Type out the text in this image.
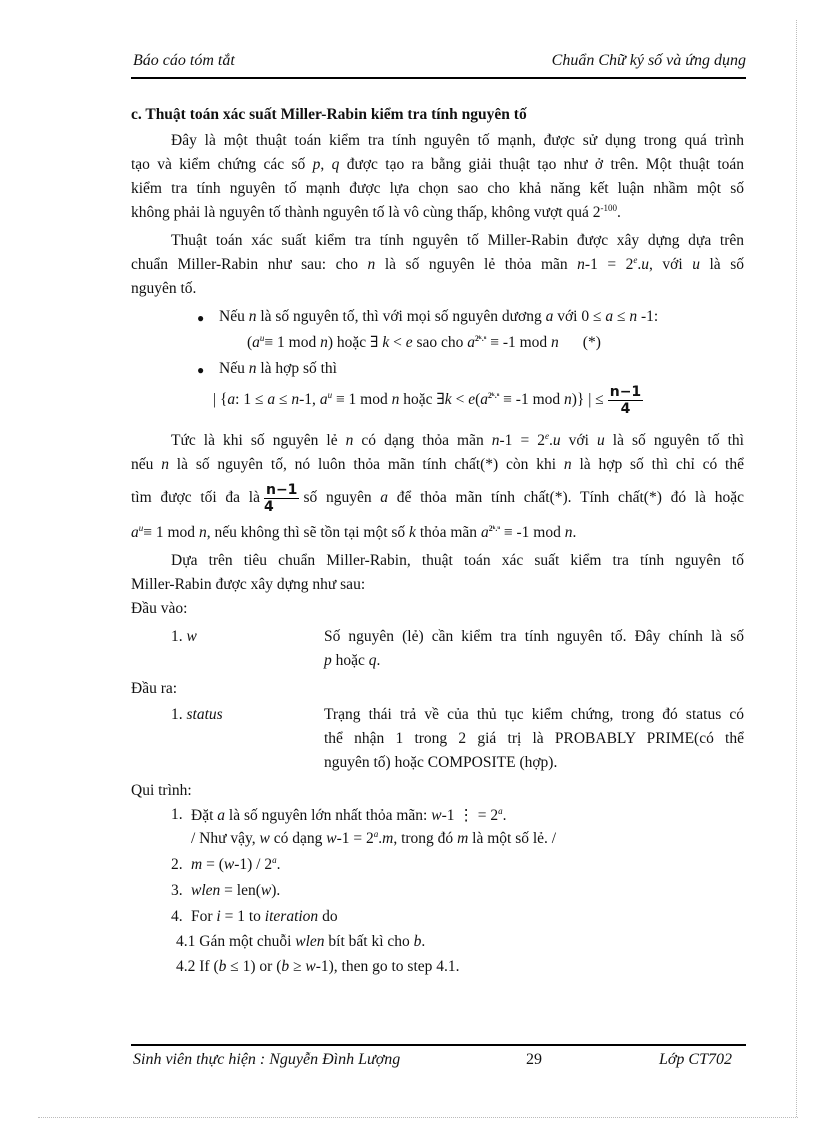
Báo cáo tóm tắt	Chuẩn Chữ ký số và ứng dụng
c. Thuật toán xác suất Miller-Rabin kiểm tra tính nguyên tố
Đây là một thuật toán kiểm tra tính nguyên tố mạnh, được sử dụng trong quá trình
tạo và kiểm chứng các số p, q được tạo ra bằng giải thuật tạo như ở trên. Một thuật toán
kiểm tra tính nguyên tố mạnh được lựa chọn sao cho khả năng kết luận nhầm một số
không phải là nguyên tố thành nguyên tố là vô cùng thấp, không vượt quá $2^{-100}$.
Thuật toán xác suất kiểm tra tính nguyên tố Miller-Rabin được xây dựng dựa trên
chuẩn Miller-Rabin như sau: cho n là số nguyên lẻ thỏa mãn $n-1 = 2^e.u$, với u là số
nguyên tố.
● Nếu n là số nguyên tố, thì với mọi số nguyên dương a với 0 ≤ a ≤ n -1:
($a^u\equiv 1$ mod n) hoặc ∃ k < e sao cho a2ᵏ.ᵘ ≡ -1 mod n (*)
● Nếu n là hợp số thì
| {a: 1 ≤ a ≤ n-1, $a^u \equiv 1$ mod n hoặc ∃k < e(a2ᵏ.ᵘ ≡ -1 mod n)} | ≤ $\frac{n-1}{4}$
Tức là khi số nguyên lẻ n có dạng thỏa mãn $n-1 = 2^e.u$ với u là số nguyên tố thì
nếu n là số nguyên tố, nó luôn thỏa mãn tính chất(*) còn khi n là hợp số thì chỉ có thể
tìm được tối đa là $\frac{n-1}{4}$ số nguyên a để thỏa mãn tính chất(*). Tính chất(*) đó là hoặc
$a^u\equiv 1$ mod n, nếu không thì sẽ tồn tại một số k thỏa mãn a2ᵏ.ᵘ ≡ -1 mod n.
Dựa trên tiêu chuẩn Miller-Rabin, thuật toán xác suất kiểm tra tính nguyên tố
Miller-Rabin được xây dựng như sau:
Đầu vào:
1. w	Số nguyên (lẻ) cần kiểm tra tính nguyên tố. Đây chính là số
p hoặc q.
Đầu ra:
1. status	Trạng thái trả về của thủ tục kiểm chứng, trong đó status có
thể nhận 1 trong 2 giá trị là PROBABLY PRIME(có thể
nguyên tố) hoặc COMPOSITE (hợp).
Qui trình:
1. Đặt a là số nguyên lớn nhất thỏa mãn: w-1 ⋮ = $2^a$.
/ Như vậy, w có dạng $w-1 = 2^a.m$, trong đó m là một số lẻ. /
2. m = (w-1) / 2$^a$.
3. wlen = len(w).
4. For i = 1 to iteration do
4.1 Gán một chuỗi wlen bít bất kì cho b.
4.2 If (b ≤ 1) or (b ≥ w-1), then go to step 4.1.
Sinh viên thực hiện : Nguyễn Đình Lượng	29	Lớp CT702
